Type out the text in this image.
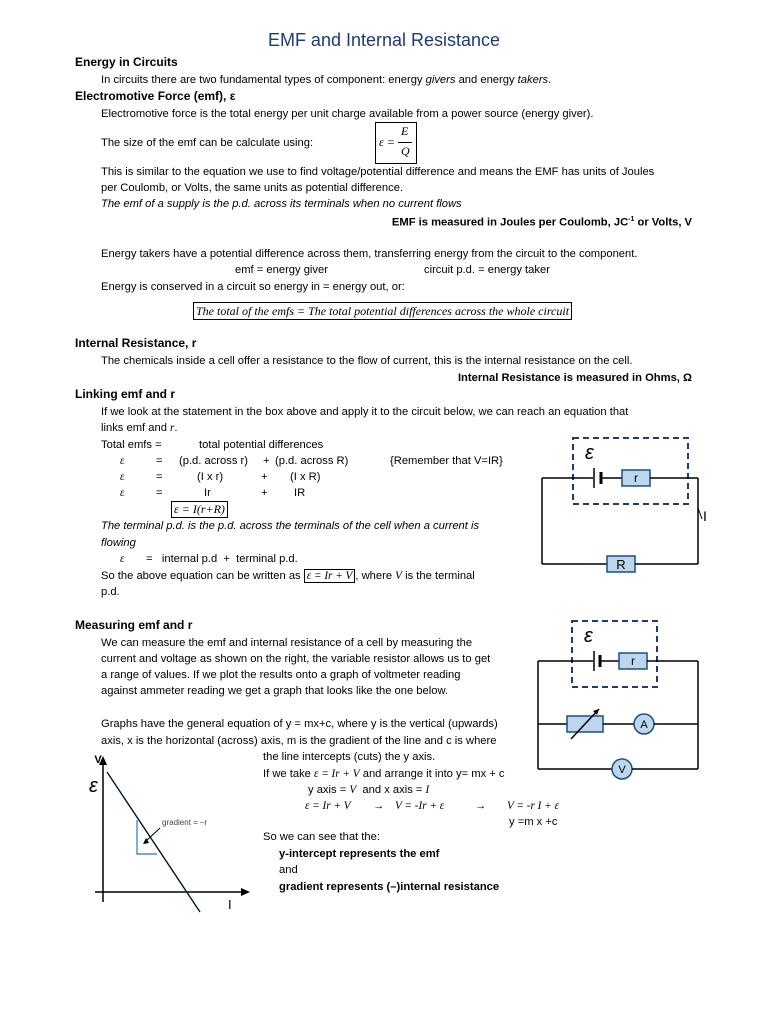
EMF and Internal Resistance
Energy in Circuits
In circuits there are two fundamental types of component: energy givers and energy takers.
Electromotive Force (emf), ε
Electromotive force is the total energy per unit charge available from a power source (energy giver).
The size of the emf can be calculate using:	ε =
E
Q
This is similar to the equation we use to find voltage/potential difference and means the EMF has units of Joules
per Coulomb, or Volts, the same units as potential difference.
The emf of a supply is the p.d. across its terminals when no current flows
EMF is measured in Joules per Coulomb, $JC^{-1}$ or Volts, V
Energy takers have a potential difference across them, transferring energy from the circuit to the component.
emf = energy giver	circuit p.d. = energy taker
Energy is conserved in a circuit so energy in = energy out, or:
The total of the emfs = The total potential differences across the whole circuit
Internal Resistance, r
The chemicals inside a cell offer a resistance to the flow of current, this is the internal resistance on the cell.
Internal Resistance is measured in Ohms, Ω
Linking emf and r
If we look at the statement in the box above and apply it to the circuit below, we can reach an equation that
links emf and r.
Total emfs =	total potential differences
ε	= (p.d. across r) + (p.d. across R)	{Remember that V=IR}
ε	=	(I x r)	+ (I x R)
ε	=	Ir	+ IR
ε = I(r+R)
The terminal p.d. is the p.d. across the terminals of the cell when a current is
flowing
ε =   internal p.d  +  terminal p.d.
So the above equation can be written as ε = Ir + V , where V is the terminal
p.d.
ε
r
R
I
Measuring emf and r
We can measure the emf and internal resistance of a cell by measuring the
current and voltage as shown on the right, the variable resistor allows us to get
a range of values. If we plot the results onto a graph of voltmeter reading
against ammeter reading we get a graph that looks like the one below.
Graphs have the general equation of y = mx+c, where y is the vertical (upwards)
axis, x is the horizontal (across) axis, m is the gradient of the line and c is where
the line intercepts (cuts) the y axis.
If we take ε = Ir + V and arrange it into y= mx + c
y axis = V and x axis = I
ε = Ir + V → V = -Ir + ε	→ V = -r I + ε
y =m x +c
So we can see that the:
y-intercept represents the emf
and
gradient represents (–)internal resistance
ε
r
A
V
V
ε
gradient = –r
I
